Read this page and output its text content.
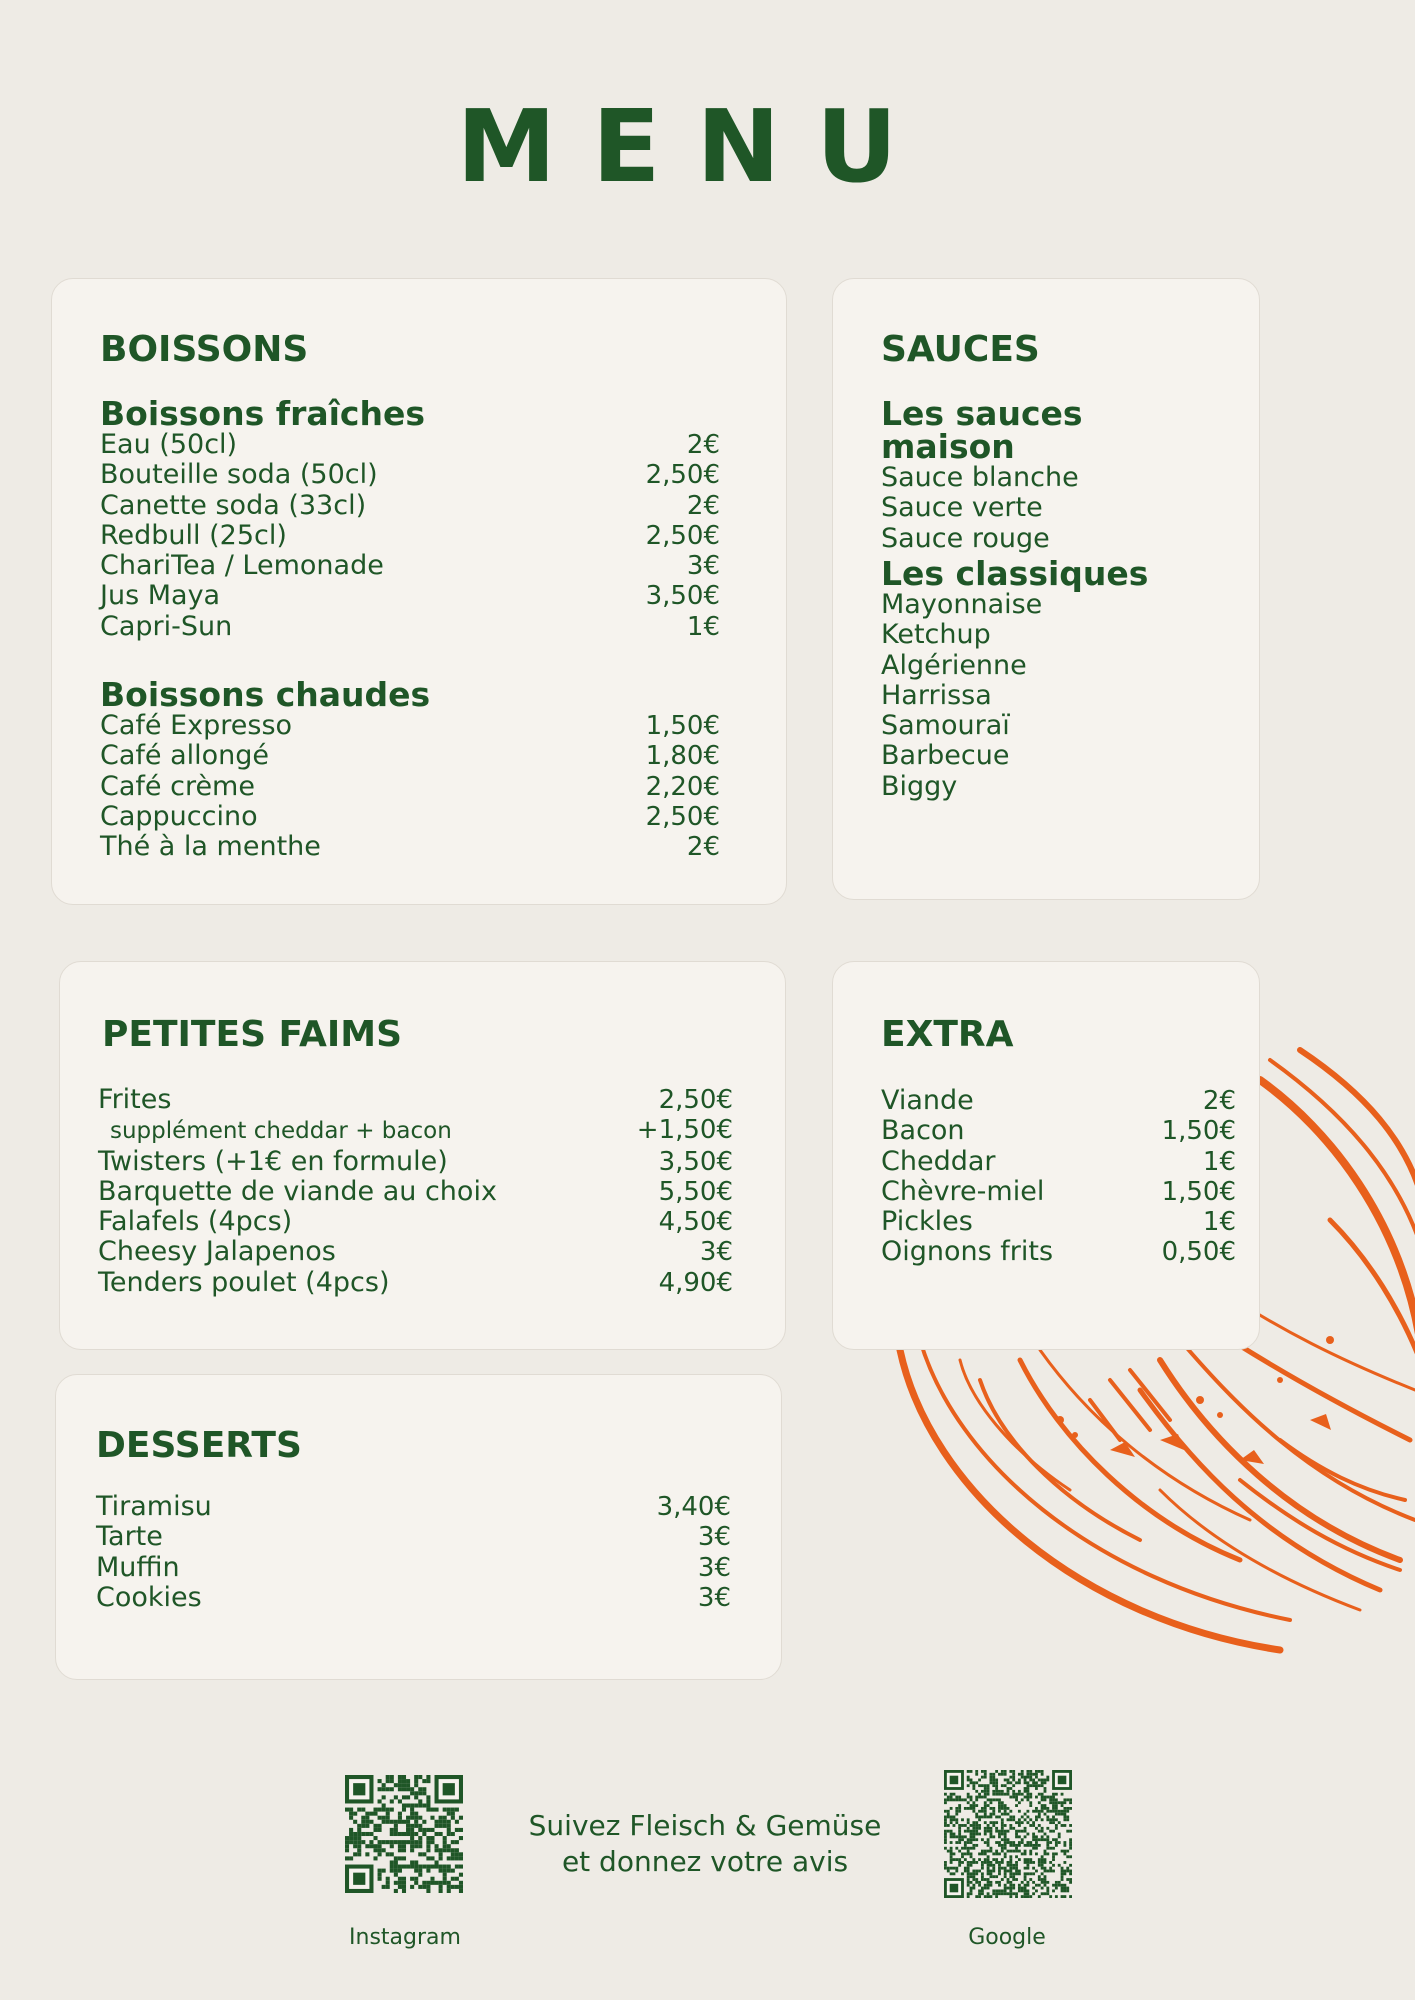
MENU
BOISSONS
Boissons fraîches
Eau (50cl)	2€
Bouteille soda (50cl)	2,50€
Canette soda (33cl)	2€
Redbull (25cl)	2,50€
ChariTea / Lemonade	3€
Jus Maya	3,50€
Capri-Sun	1€
Boissons chaudes
Café Expresso	1,50€
Café allongé	1,80€
Café crème	2,20€
Cappuccino	2,50€
Thé à la menthe	2€
SAUCES
Les sauces maison
Sauce blanche
Sauce verte
Sauce rouge
Les classiques
Mayonnaise
Ketchup
Algérienne
Harrissa
Samouraï
Barbecue
Biggy
PETITES FAIMS
Frites	2,50€
supplément cheddar + bacon	+1,50€
Twisters (+1€ en formule)	3,50€
Barquette de viande au choix	5,50€
Falafels (4pcs)	4,50€
Cheesy Jalapenos	3€
Tenders poulet (4pcs)	4,90€
EXTRA
Viande	2€
Bacon	1,50€
Cheddar	1€
Chèvre-miel	1,50€
Pickles	1€
Oignons frits	0,50€
DESSERTS
Tiramisu	3,40€
Tarte	3€
Muffin	3€
Cookies	3€
Instagram
Suivez Fleisch & Gemüse
et donnez votre avis
Google
